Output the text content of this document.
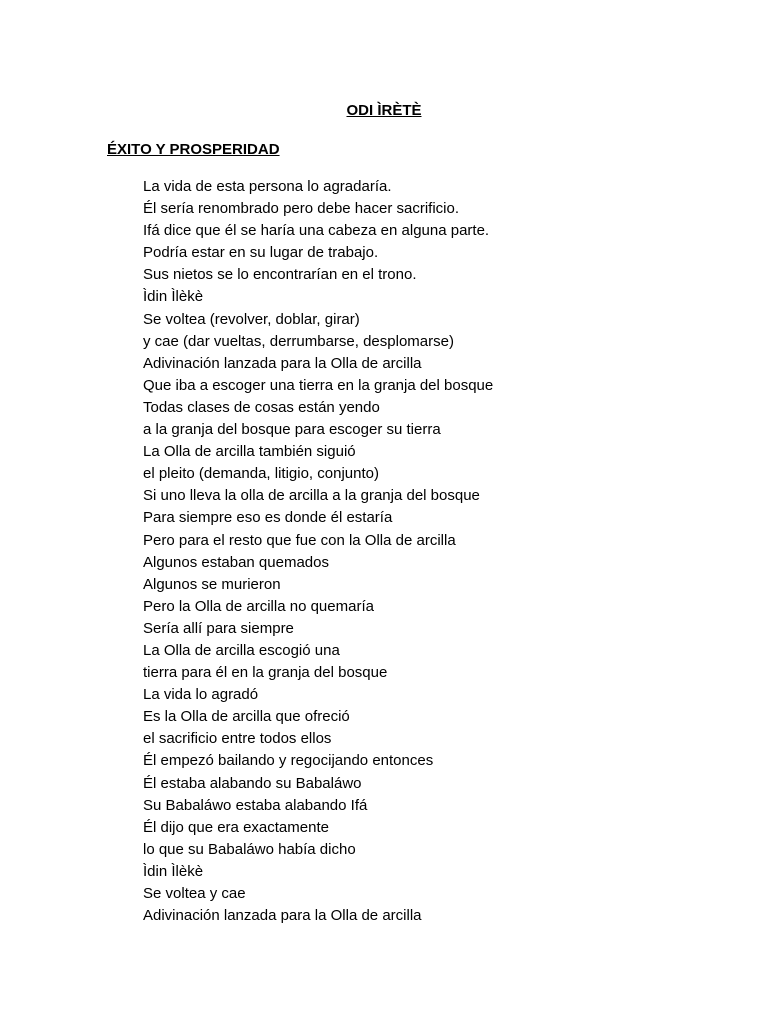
ODI ÌRÈTÈ
ÉXITO Y PROSPERIDAD
La vida de esta persona lo agradaría.
Él sería renombrado pero debe hacer sacrificio.
Ifá dice que él se haría una cabeza en alguna parte.
Podría estar en su lugar de trabajo.
Sus nietos se lo encontrarían en el trono.
Ìdin Ìlèkè
Se voltea (revolver, doblar, girar)
y cae (dar vueltas, derrumbarse, desplomarse)
Adivinación lanzada para la Olla de arcilla
Que iba a escoger una tierra en la granja del bosque
Todas clases de cosas están yendo
a la granja del bosque para escoger su tierra
La Olla de arcilla también siguió
el pleito (demanda, litigio, conjunto)
Si uno lleva la olla de arcilla a la granja del bosque
Para siempre eso es donde él estaría
Pero para el resto que fue con la Olla de arcilla
Algunos estaban quemados
Algunos se murieron
Pero la Olla de arcilla no quemaría
Sería allí para siempre
La Olla de arcilla escogió una
tierra para él en la granja del bosque
La vida lo agradó
Es la Olla de arcilla que ofreció
el sacrificio entre todos ellos
Él empezó bailando y regocijando entonces
Él estaba alabando su Babaláwo
Su Babaláwo estaba alabando Ifá
Él dijo que era exactamente
lo que su Babaláwo había dicho
Ìdin Ìlèkè
Se voltea y cae
Adivinación lanzada para la Olla de arcilla
